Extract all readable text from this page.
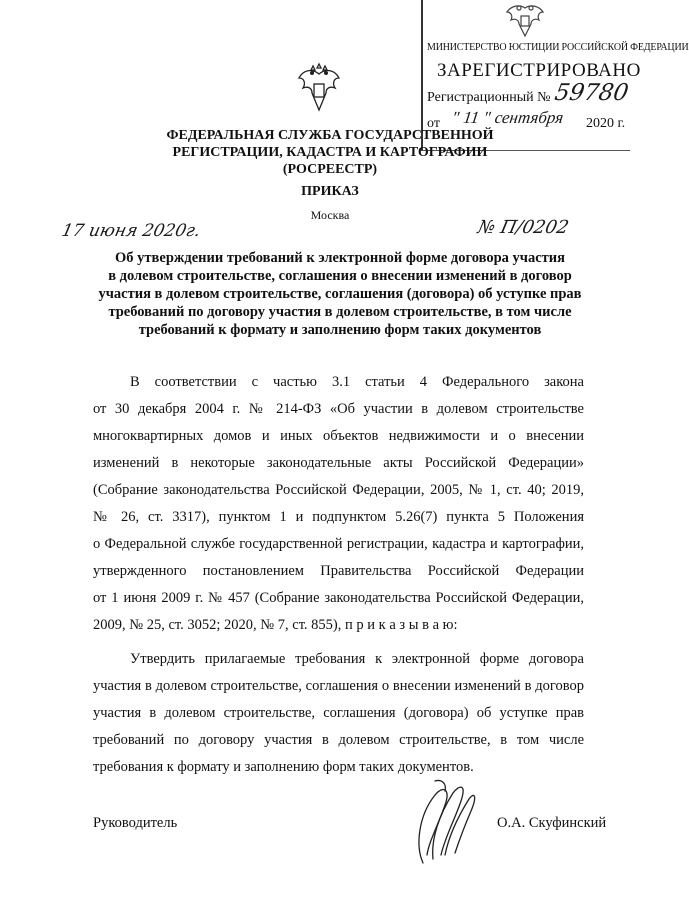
МИНИСТЕРСТВО ЮСТИЦИИ РОССИЙСКОЙ ФЕДЕРАЦИИ
ЗАРЕГИСТРИРОВАНО
Регистрационный № 59780
от " 11 " сентября 2020 г.
ФЕДЕРАЛЬНАЯ СЛУЖБА ГОСУДАРСТВЕННОЙ
РЕГИСТРАЦИИ, КАДАСТРА И КАРТОГРАФИИ
(РОСРЕЕСТР)
ПРИКАЗ
Москва
17 июня 2020г.	№ П/0202
Об утверждении требований к электронной форме договора участия
в долевом строительстве, соглашения о внесении изменений в договор
участия в долевом строительстве, соглашения (договора) об уступке прав
требований по договору участия в долевом строительстве, в том числе
требований к формату и заполнению форм таких документов
В соответствии с частью 3.1 статьи 4 Федерального закона
от 30 декабря 2004 г. № 214-ФЗ «Об участии в долевом строительстве
многоквартирных домов и иных объектов недвижимости и о внесении
изменений в некоторые законодательные акты Российской Федерации»
(Собрание законодательства Российской Федерации, 2005, № 1, ст. 40; 2019,
№ 26, ст. 3317), пунктом 1 и подпунктом 5.26(7) пункта 5 Положения
о Федеральной службе государственной регистрации, кадастра и картографии,
утвержденного постановлением Правительства Российской Федерации
от 1 июня 2009 г. № 457 (Собрание законодательства Российской Федерации,
2009, № 25, ст. 3052; 2020, № 7, ст. 855), п р и к а з ы в а ю:
Утвердить прилагаемые требования к электронной форме договора
участия в долевом строительстве, соглашения о внесении изменений в договор
участия в долевом строительстве, соглашения (договора) об уступке прав
требований по договору участия в долевом строительстве, в том числе
требования к формату и заполнению форм таких документов.
Руководитель	О.А. Скуфинский
